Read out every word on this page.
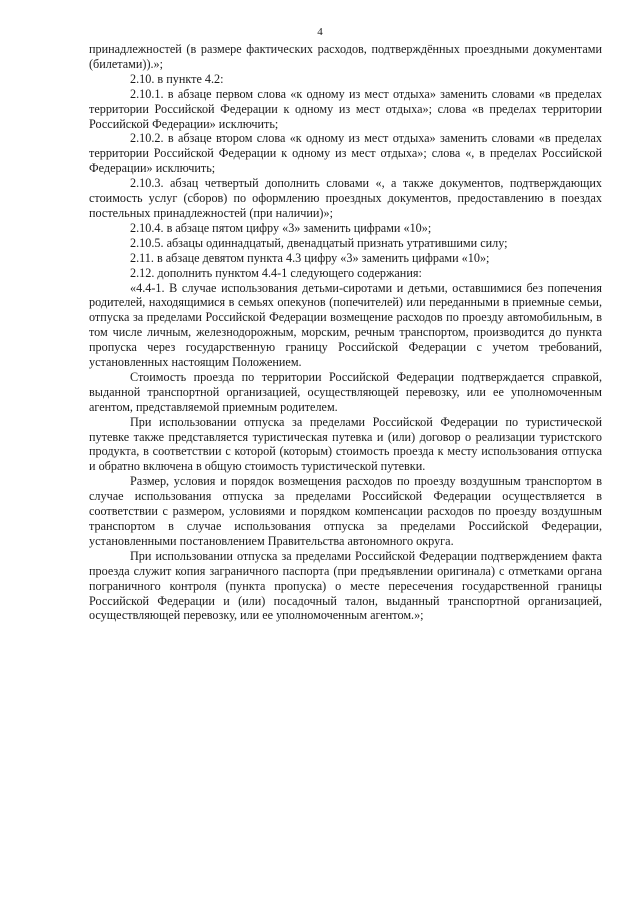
4

принадлежностей (в размере фактических расходов, подтверждённых проездными документами (билетами)).»;

2.10. в пункте 4.2:

2.10.1. в абзаце первом слова «к одному из мест отдыха» заменить словами «в пределах территории Российской Федерации к одному из мест отдыха»; слова «в пределах территории Российской Федерации» исключить;

2.10.2. в абзаце втором слова «к одному из мест отдыха» заменить словами «в пределах территории Российской Федерации к одному из мест отдыха»; слова «, в пределах Российской Федерации» исключить;

2.10.3. абзац четвертый дополнить словами «, а также документов, подтверждающих стоимость услуг (сборов) по оформлению проездных документов, предоставлению в поездах постельных принадлежностей (при наличии)»;

2.10.4. в абзаце пятом цифру «3» заменить цифрами «10»;

2.10.5. абзацы одиннадцатый, двенадцатый признать утратившими силу;

2.11. в абзаце девятом пункта 4.3 цифру «3» заменить цифрами «10»;

2.12. дополнить пунктом 4.4-1 следующего содержания:

«4.4-1. В случае использования детьми-сиротами и детьми, оставшимися без попечения родителей, находящимися в семьях опекунов (попечителей) или переданными в приемные семьи, отпуска за пределами Российской Федерации возмещение расходов по проезду автомобильным, в том числе личным, железнодорожным, морским, речным транспортом, производится до пункта пропуска через государственную границу Российской Федерации с учетом требований, установленных настоящим Положением.

Стоимость проезда по территории Российской Федерации подтверждается справкой, выданной транспортной организацией, осуществляющей перевозку, или ее уполномоченным агентом, представляемой приемным родителем.

При использовании отпуска за пределами Российской Федерации по туристической путевке также представляется туристическая путевка и (или) договор о реализации туристского продукта, в соответствии с которой (которым) стоимость проезда к месту использования отпуска и обратно включена в общую стоимость туристической путевки.

Размер, условия и порядок возмещения расходов по проезду воздушным транспортом в случае использования отпуска за пределами Российской Федерации осуществляется в соответствии с размером, условиями и порядком компенсации расходов по проезду воздушным транспортом в случае использования отпуска за пределами Российской Федерации, установленными постановлением Правительства автономного округа.

При использовании отпуска за пределами Российской Федерации подтверждением факта проезда служит копия заграничного паспорта (при предъявлении оригинала) с отметками органа пограничного контроля (пункта пропуска) о месте пересечения государственной границы Российской Федерации и (или) посадочный талон, выданный транспортной организацией, осуществляющей перевозку, или ее уполномоченным агентом.»;
